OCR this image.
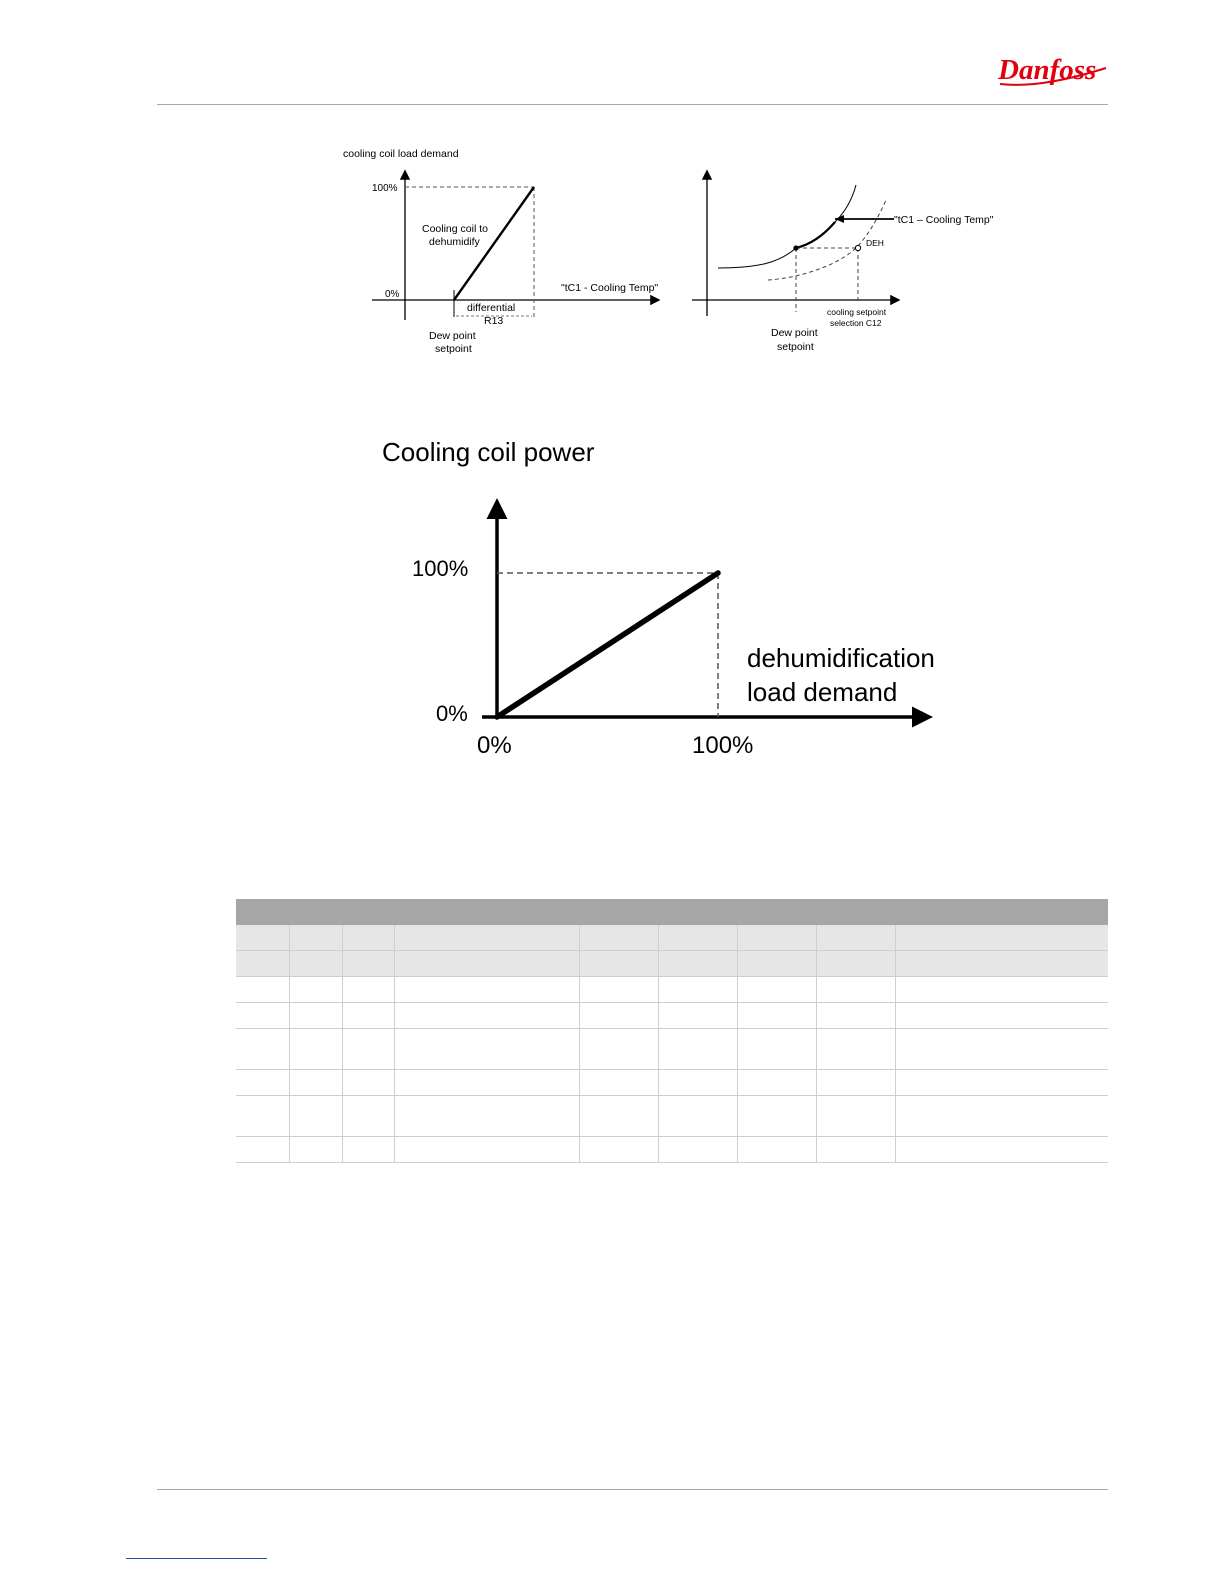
Danfoss
cooling coil load demand
100%
0%
Cooling coil to
dehumidify
"tC1 - Cooling Temp"
differential
R13
Dew point
setpoint
"tC1 – Cooling Temp"
DEH
Dew point
setpoint
cooling setpoint
selection C12
Cooling coil power
100%
0%
0%	100%
dehumidification
load demand
